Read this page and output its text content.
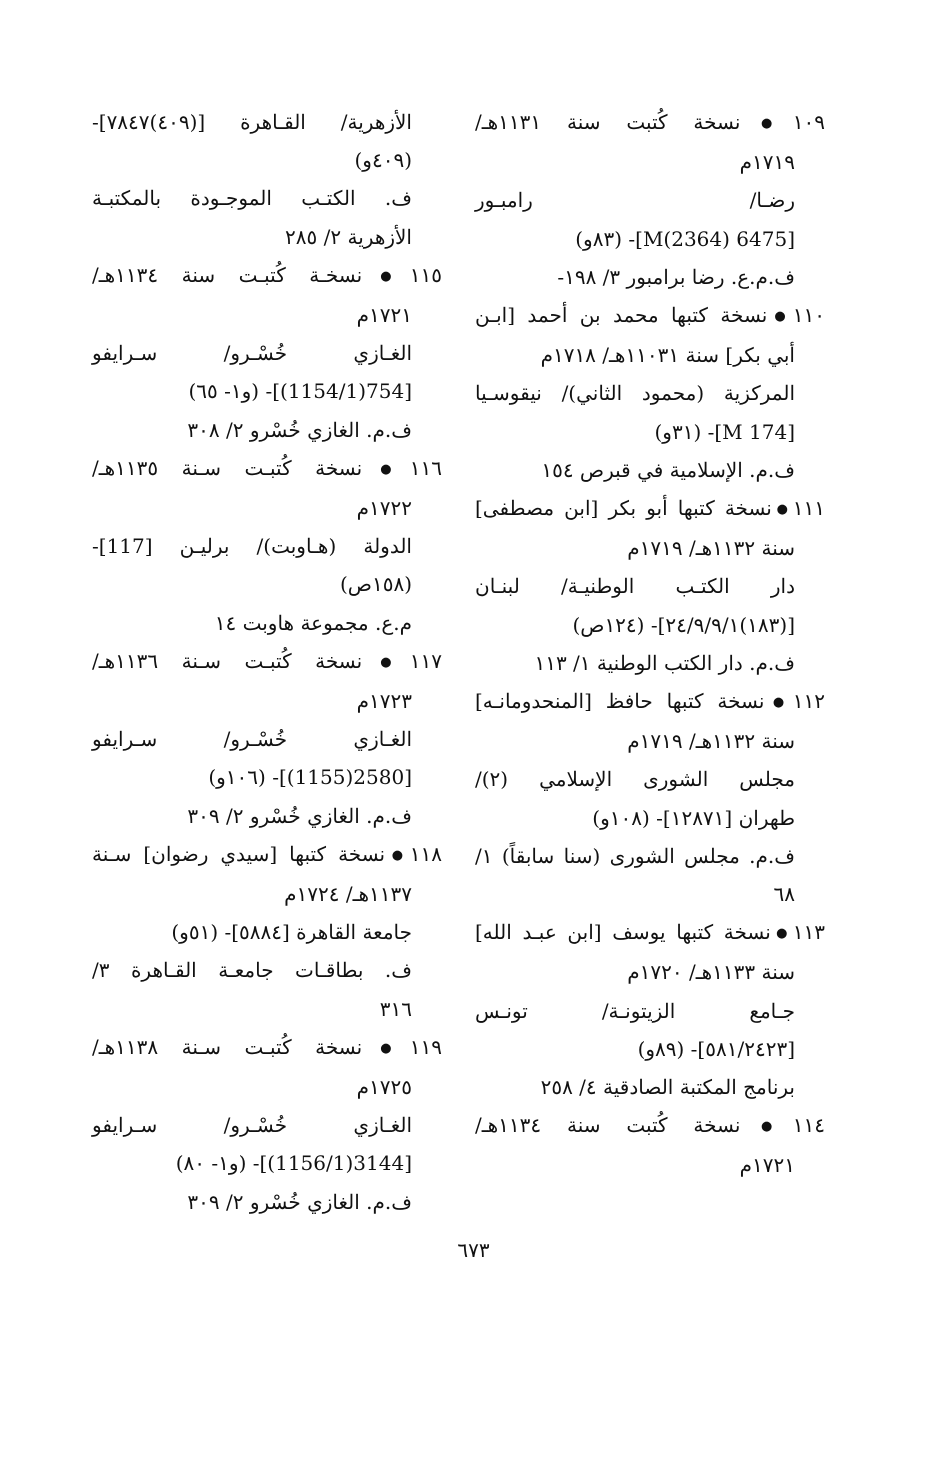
١٠٩●نسخة كُتبت سنة ١١٣١هـ/
١٧١٩م
رضـا/ رامبـور
[6475 M(2364)]- (٨٣و)
ف.م.ع. رضا برامبور ٣/ ١٩٨-
١١٠●نسخة كتبها محمد بن أحمد [ابـن
أبي بكر] سنة ١١٠٣١هـ/ ١٧١٨م
المركزية (محمود الثاني)/ نيقوسـيا
[M 174]- (٣١و)
ف.م. الإسلامية في قبرص ١٥٤
١١١●نسخة كتبها أبو بكر [ابن مصطفى]
سنة ١١٣٢هـ/ ١٧١٩م
دار الكتـب الوطنيـة/ لبنـان
[(١٨٣)٢٤/٩/٩/١]- (١٢٤ص)
ف.م. دار الكتب الوطنية ١/ ١١٣
١١٢●نسخة كتبها حافظ [المنحدومانـه]
سنة ١١٣٢هـ/ ١٧١٩م
مجلس الشورى الإسلامي (٢)/
طهران [١٢٨٧١]- (١٠٨و)
ف.م. مجلس الشورى (سنا سابقاً) ١/
٦٨
١١٣●نسخة كتبها يوسف [ابن عبـد الله]
سنة ١١٣٣هـ/ ١٧٢٠م
جـامع الزيتونـة/ تونـس
[٥٨١/٢٤٢٣]- (٨٩و)
برنامج المكتبة الصادقية ٤/ ٢٥٨
١١٤●نسخة كُتبت سنة ١١٣٤هـ/
١٧٢١م
الأزهرية/ القـاهرة [(٤٠٩)٧٨٤٧]-
(٤٠٩و)
ف. الكتـب الموجـودة بالمكتبـة
الأزهرية ٢/ ٢٨٥
١١٥●نسخـة كُتبـت سنة ١١٣٤هـ/
١٧٢١م
الغـازي خُسْـرو/ سـرايفو
[754(1154/1)]- (و١- ٦٥)
ف.م. الغازي خُسْرو ٢/ ٣٠٨
١١٦●نسخة كُتبـت سـنة ١١٣٥هـ/
١٧٢٢م
الدولة (هـاوبت)/ برليـن [117]-
(١٥٨ص)
م.ع. مجموعة هاوبت ١٤
١١٧●نسخة كُتبـت سـنة ١١٣٦هـ/
١٧٢٣م
الغـازي خُسْـرو/ سـرايفو
[2580(1155)]- (١٠٦و)
ف.م. الغازي خُسْرو ٢/ ٣٠٩
١١٨●نسخة كتبها [سيدي رضوان] سـنة
١١٣٧هـ/ ١٧٢٤م
جامعة القاهرة [٥٨٨٤]- (٥١و)
ف. بطاقـات جامعـة القـاهرة ٣/
٣١٦
١١٩●نسخة كُتبـت سـنة ١١٣٨هـ/
١٧٢٥م
الغـازي خُسْـرو/ سـرايفو
[3144(1156/1)]- (و١- ٨٠)
ف.م. الغازي خُسْرو ٢/ ٣٠٩
٦٧٣
